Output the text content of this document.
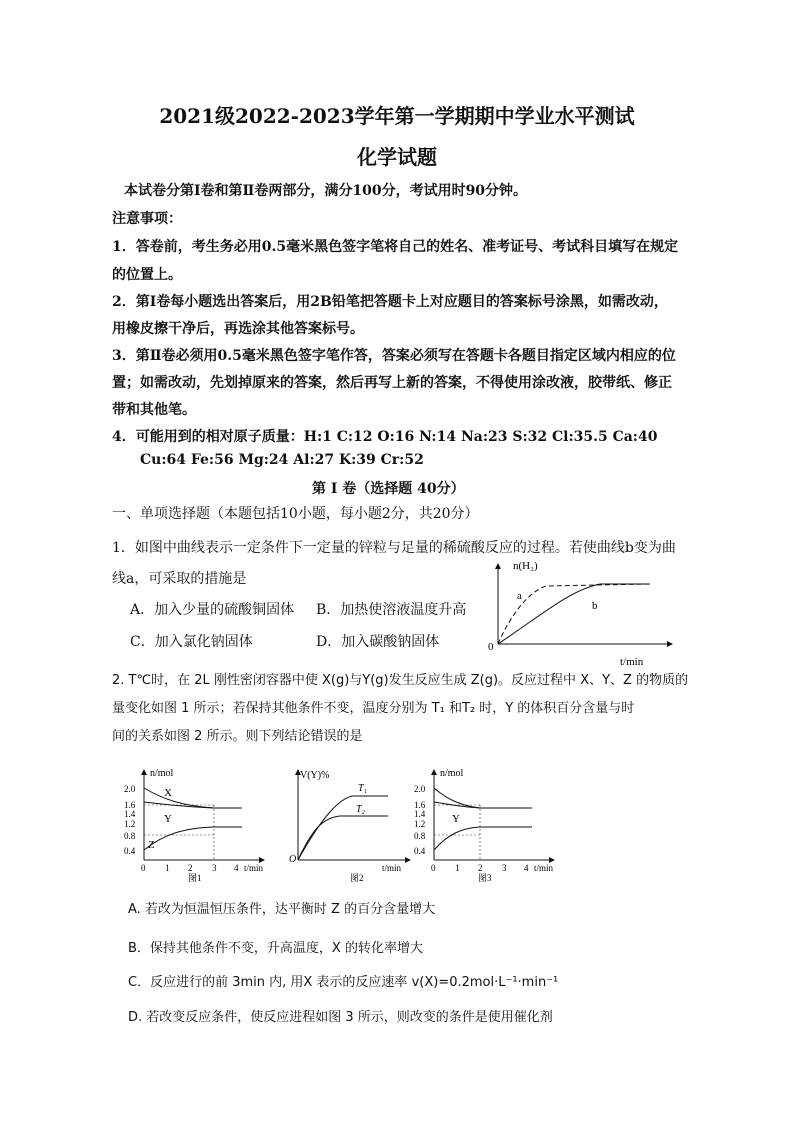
2021级2022-2023学年第一学期期中学业水平测试
化学试题
本试卷分第Ⅰ卷和第Ⅱ卷两部分，满分100分，考试用时90分钟。
注意事项：
1．答卷前，考生务必用0.5毫米黑色签字笔将自己的姓名、准考证号、考试科目填写在规定
的位置上。
2．第Ⅰ卷每小题选出答案后，用2B铅笔把答题卡上对应题目的答案标号涂黑，如需改动，
用橡皮擦干净后，再选涂其他答案标号。
3．第Ⅱ卷必须用0.5毫米黑色签字笔作答，答案必须写在答题卡各题目指定区域内相应的位
置；如需改动，先划掉原来的答案，然后再写上新的答案，不得使用涂改液，胶带纸、修正
带和其他笔。
4．可能用到的相对原子质量：H:1 C:12 O:16 N:14 Na:23 S:32 Cl:35.5 Ca:40
Cu:64 Fe:56 Mg:24 Al:27 K:39 Cr:52
第 Ⅰ 卷（选择题 40分）
一、单项选择题（本题包括10小题，每小题2分，共20分）
1．如图中曲线表示一定条件下一定量的锌粒与足量的稀硫酸反应的过程。若使曲线b变为曲
线a，可采取的措施是
A．加入少量的硫酸铜固体 B．加热使溶液温度升高
C．加入氯化钠固体	D．加入碳酸钠固体
n(H₂)
a
b
0
t/min
2. T℃时，在 2L 刚性密闭容器中使 X(g)与Y(g)发生反应生成 Z(g)。反应过程中 X、Y、Z 的物质的
量变化如图 1 所示；若保持其他条件不变，温度分别为 T₁ 和T₂ 时，Y 的体积百分含量与时
间的关系如图 2 所示。则下列结论错误的是
n/mol
2.0
1.6
1.4
1.2
0.8
0.4
X
Y
Z
0 1 2 3 4 t/min
图1
V(Y)%
T₁
T₂
O
t/min
图2
n/mol
2.0
1.6
1.4
1.2
0.8
0.4
Y
0 1 2 3 4 t/min
图3
A. 若改为恒温恒压条件，达平衡时 Z 的百分含量增大
B．保持其他条件不变，升高温度，X 的转化率增大
C．反应进行的前 3min 内, 用X 表示的反应速率 v(X)=0.2mol·L⁻¹·min⁻¹
D. 若改变反应条件，使反应进程如图 3 所示，则改变的条件是使用催化剂
